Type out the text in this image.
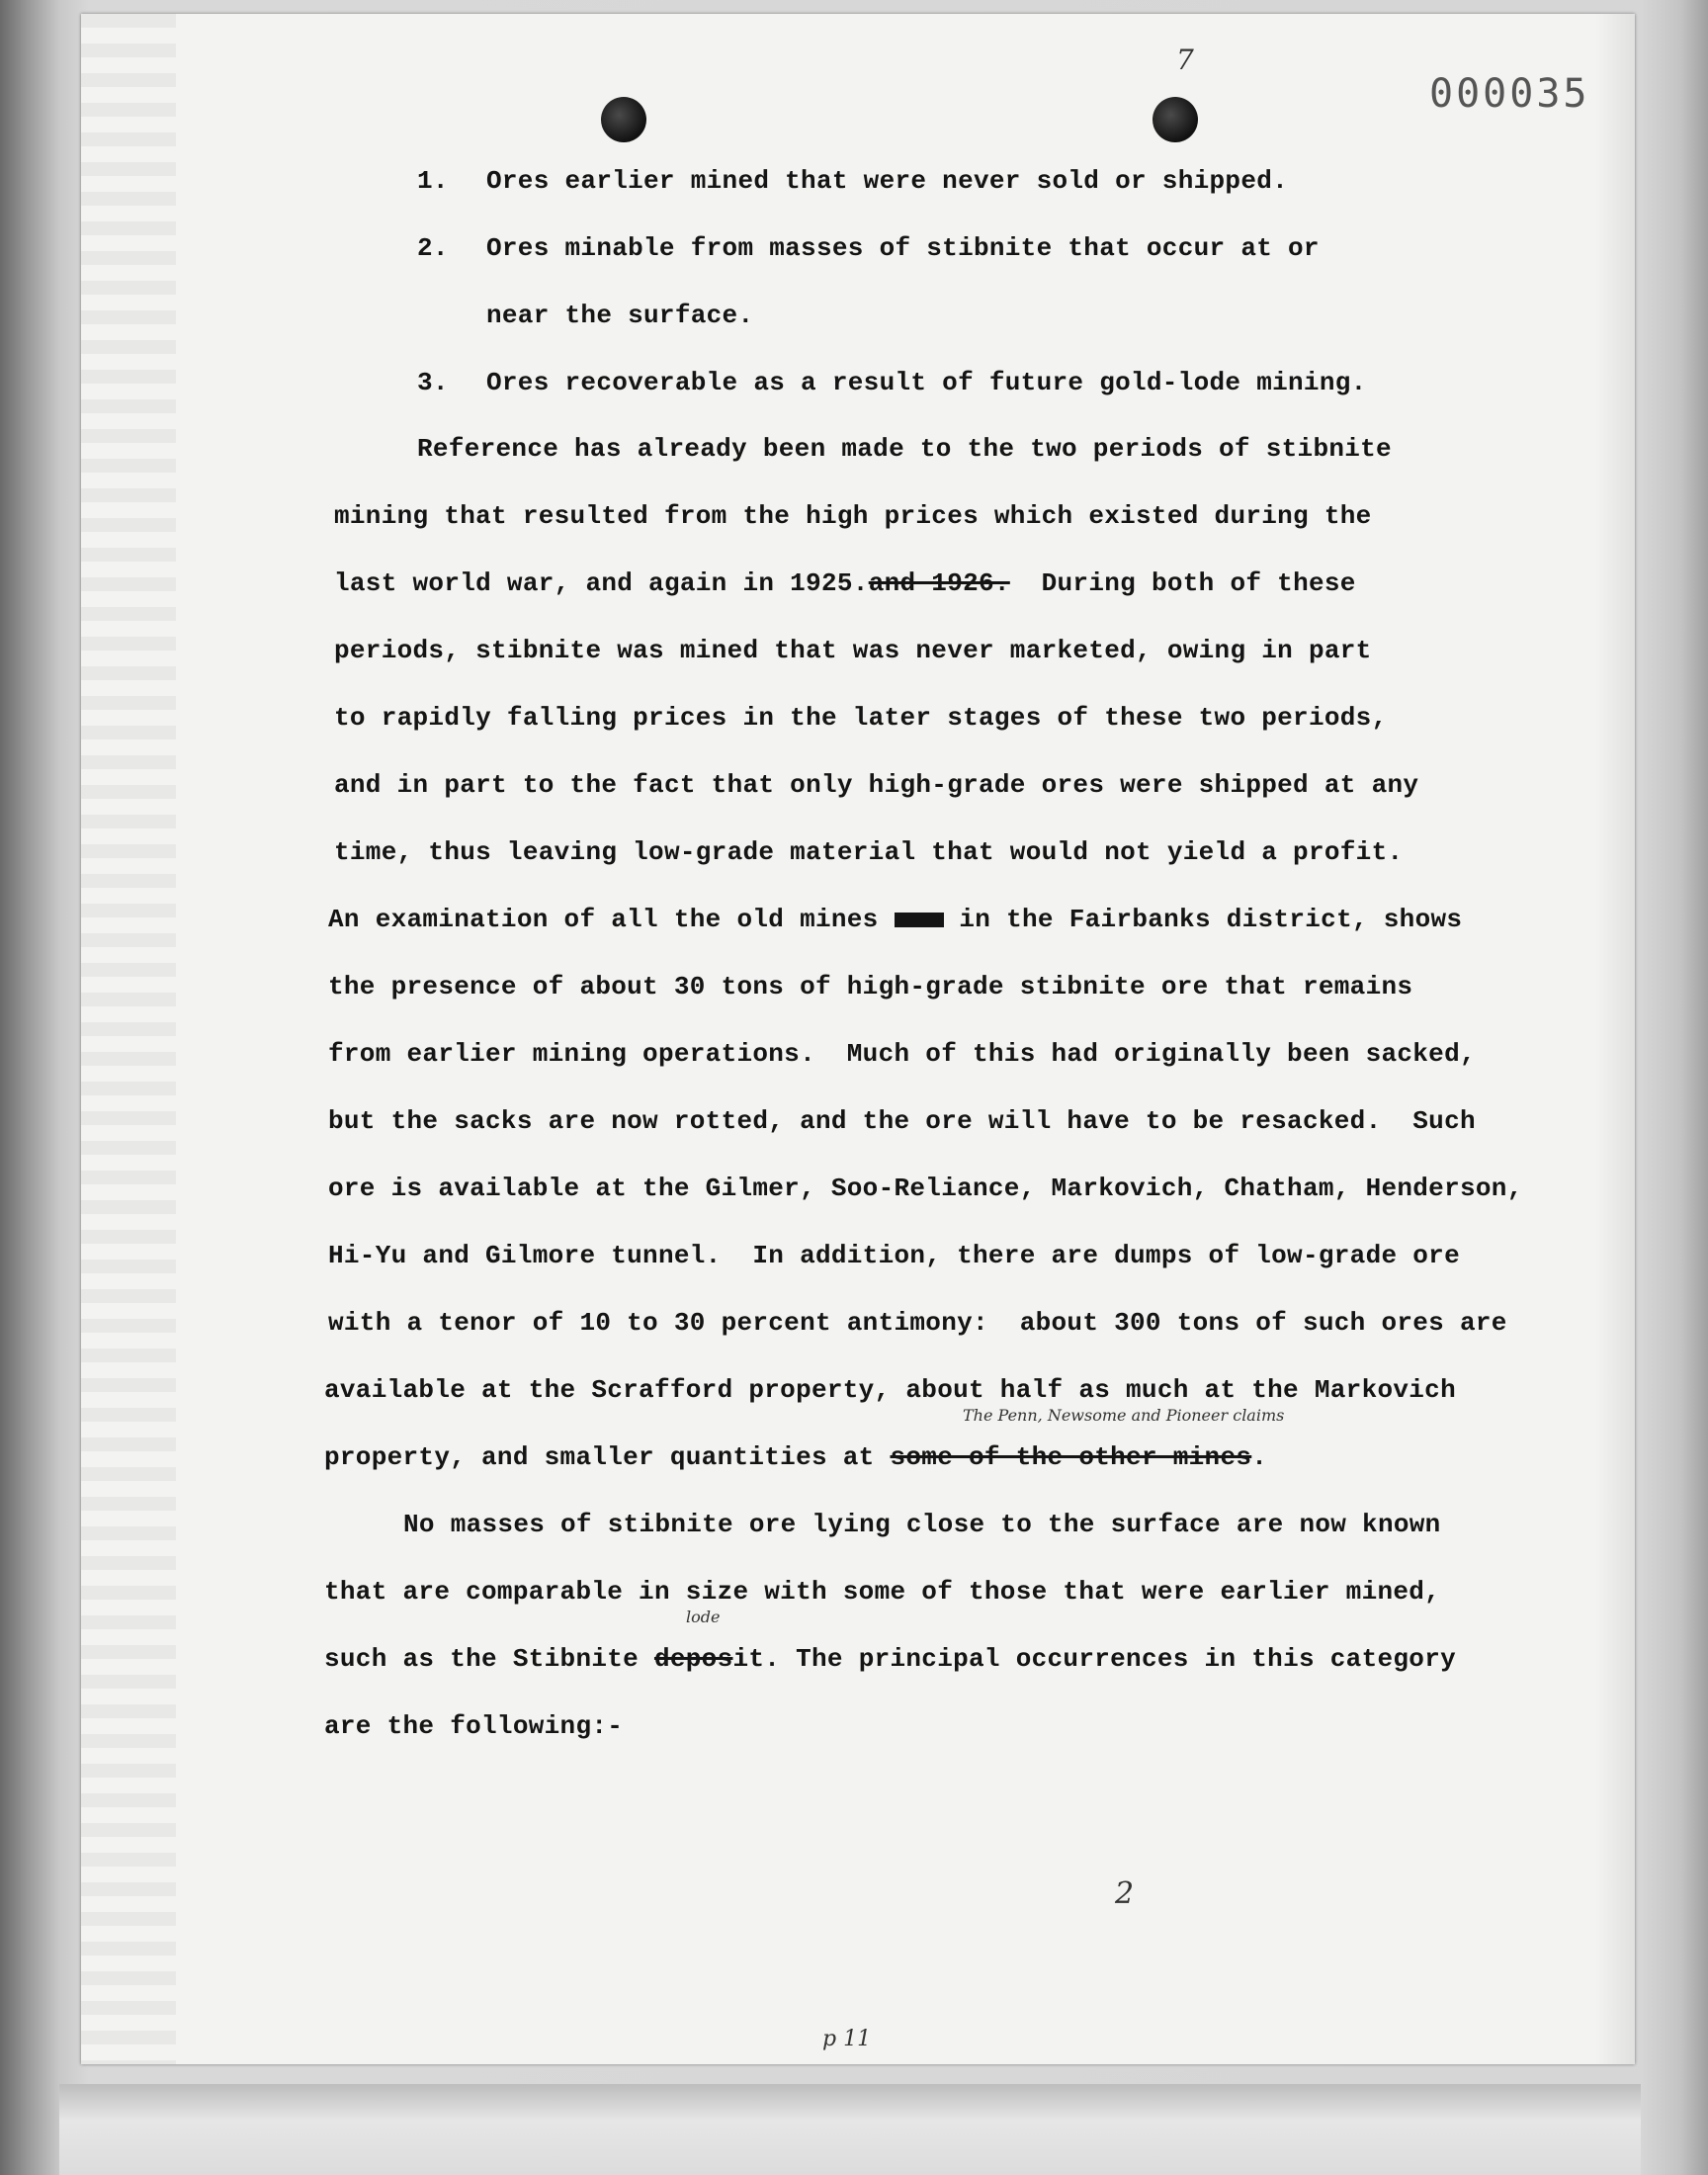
000035
7
1. Ores earlier mined that were never sold or shipped.
2. Ores minable from masses of stibnite that occur at or
near the surface.
3. Ores recoverable as a result of future gold-lode mining.
Reference has already been made to the two periods of stibnite
mining that resulted from the high prices which existed during the
last world war, and again in 1925.and 1926. During both of these
periods, stibnite was mined that was never marketed, owing in part
to rapidly falling prices in the later stages of these two periods,
and in part to the fact that only high-grade ores were shipped at any
time, thus leaving low-grade material that would not yield a profit.
An examination of all the old mines	in the Fairbanks district, shows
the presence of about 30 tons of high-grade stibnite ore that remains
from earlier mining operations.  Much of this had originally been sacked,
but the sacks are now rotted, and the ore will have to be resacked.  Such
ore is available at the Gilmer, Soo-Reliance, Markovich, Chatham, Henderson,
Hi-Yu and Gilmore tunnel.  In addition, there are dumps of low-grade ore
with a tenor of 10 to 30 percent antimony:  about 300 tons of such ores are
available at the Scrafford property, about half as much at the Markovich
The Penn, Newsome and Pioneer claims
property, and smaller quantities at some of the other mines.
No masses of stibnite ore lying close to the surface are now known
that are comparable in size with some of those that were earlier mined,
lode
such as the Stibnite deposit. The principal occurrences in this category
are the following:-
2
p 11
